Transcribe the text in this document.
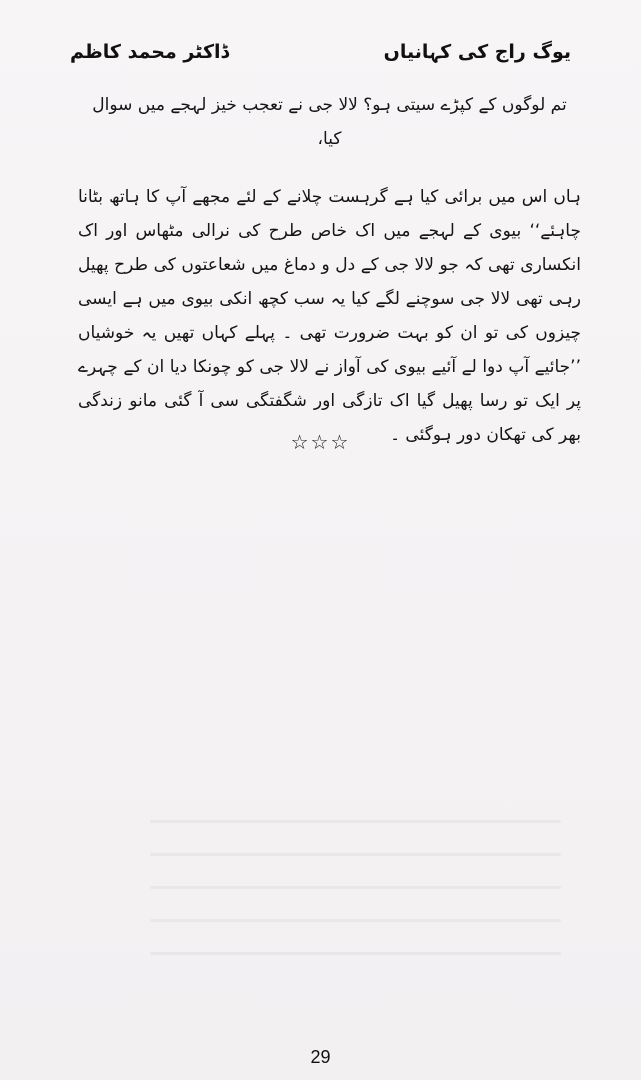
ڈاکٹر محمد کاظم	یوگ راج کی کہانیاں

تم لوگوں کے کپڑے سیتی ہو؟ لالا جی نے تعجب خیز لہجے میں سوال کیا،

ہاں اس میں برائی کیا ہے گرہست چلانے کے لئے مجھے آپ کا ہاتھ بٹانا چاہئے‘‘ بیوی کے لہجے میں اک خاص طرح کی نرالی مٹھاس اور اک انکساری تھی کہ جو لالا جی کے دل و دماغ میں شعاعتوں کی طرح پھیل رہی تھی لالا جی سوچنے لگے کیا یہ سب کچھ انکی بیوی میں ہے ایسی چیزوں کی تو ان کو بہت ضرورت تھی ۔ پہلے کہاں تھیں یہ خوشیاں ’’جائیے آپ دوا لے آئیے بیوی کی آواز نے لالا جی کو چونکا دیا ان کے چہرے پر ایک تو رسا پھیل گیا اک تازگی اور شگفتگی سی آ گئی مانو زندگی بھر کی تھکان دور ہوگئی ۔

☆☆☆
29
